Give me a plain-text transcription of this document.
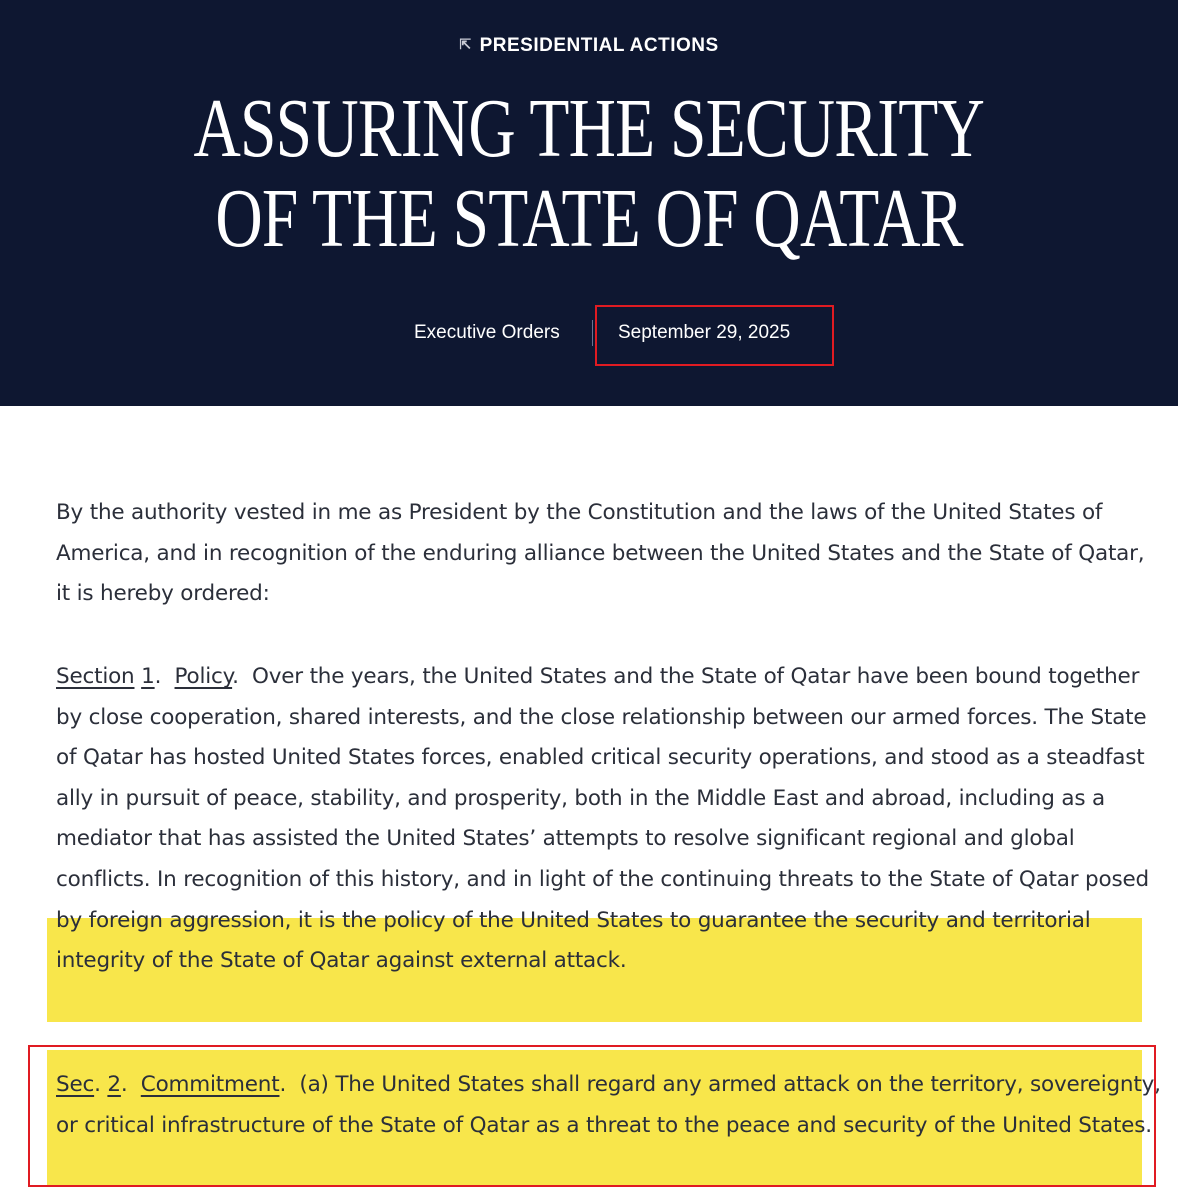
⇱ PRESIDENTIAL ACTIONS
ASSURING THE SECURITY
OF THE STATE OF QATAR
Executive Orders	September 29, 2025

By the authority vested in me as President by the Constitution and the laws of the United States of America, and in recognition of the enduring alliance between the United States and the State of Qatar, it is hereby ordered:

Section 1.  Policy.  Over the years, the United States and the State of Qatar have been bound together by close cooperation, shared interests, and the close relationship between our armed forces. The State of Qatar has hosted United States forces, enabled critical security operations, and stood as a steadfast ally in pursuit of peace, stability, and prosperity, both in the Middle East and abroad, including as a mediator that has assisted the United States’ attempts to resolve significant regional and global conflicts. In recognition of this history, and in light of the continuing threats to the State of Qatar posed by foreign aggression, it is the policy of the United States to guarantee the security and territorial integrity of the State of Qatar against external attack.

Sec. 2.  Commitment.  (a) The United States shall regard any armed attack on the territory, sovereignty, or critical infrastructure of the State of Qatar as a threat to the peace and security of the United States.
